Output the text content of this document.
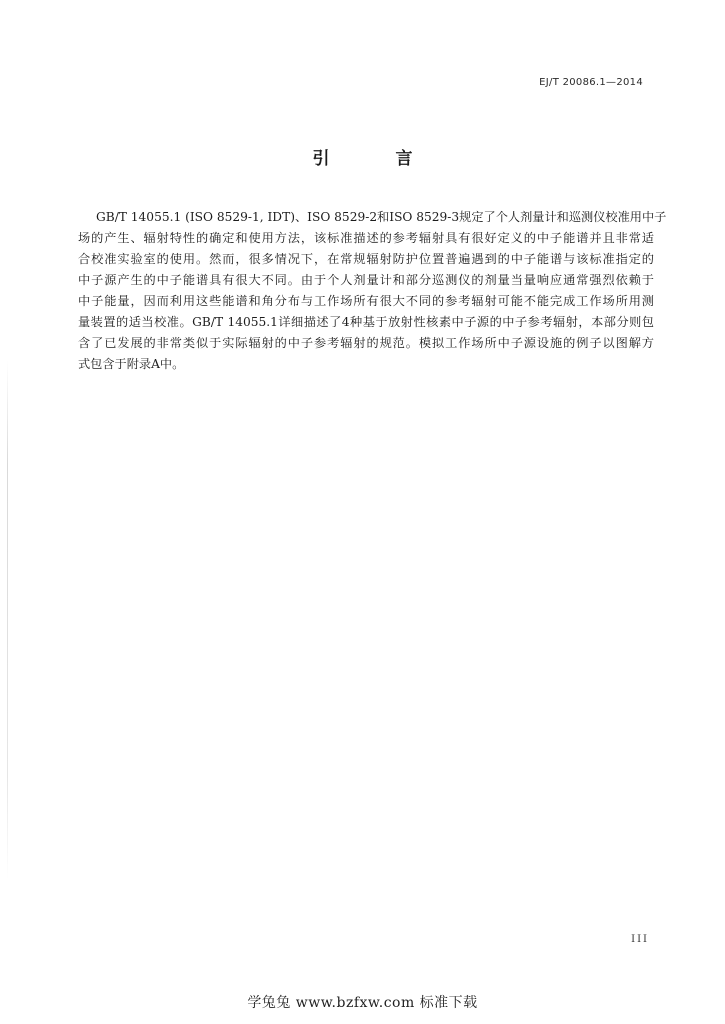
EJ/T 20086.1—2014
引 言
GB/T 14055.1 (ISO 8529-1, IDT)、ISO 8529-2和ISO 8529-3规定了个人剂量计和巡测仪校准用中子
场的产生、辐射特性的确定和使用方法，该标准描述的参考辐射具有很好定义的中子能谱并且非常适
合校准实验室的使用。然而，很多情况下，在常规辐射防护位置普遍遇到的中子能谱与该标准指定的
中子源产生的中子能谱具有很大不同。由于个人剂量计和部分巡测仪的剂量当量响应通常强烈依赖于
中子能量，因而利用这些能谱和角分布与工作场所有很大不同的参考辐射可能不能完成工作场所用测
量装置的适当校准。GB/T 14055.1详细描述了4种基于放射性核素中子源的中子参考辐射，本部分则包
含了已发展的非常类似于实际辐射的中子参考辐射的规范。模拟工作场所中子源设施的例子以图解方
式包含于附录A中。
III
学兔兔 www.bzfxw.com 标准下载
